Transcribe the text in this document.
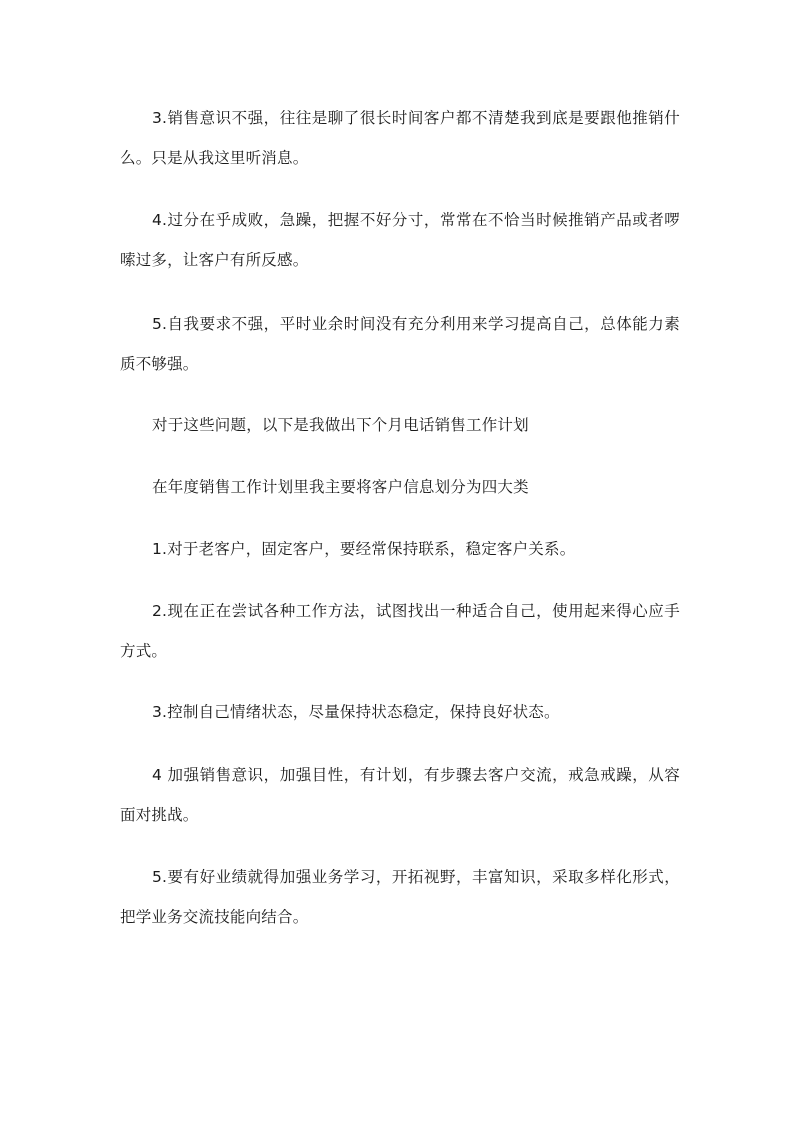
3.销售意识不强，往往是聊了很长时间客户都不清楚我到底是要跟他推销什么。只是从我这里听消息。

4.过分在乎成败，急躁，把握不好分寸，常常在不恰当时候推销产品或者啰嗦过多，让客户有所反感。

5.自我要求不强，平时业余时间没有充分利用来学习提高自己，总体能力素质不够强。

对于这些问题，以下是我做出下个月电话销售工作计划

在年度销售工作计划里我主要将客户信息划分为四大类

1.对于老客户，固定客户，要经常保持联系，稳定客户关系。

2.现在正在尝试各种工作方法，试图找出一种适合自己，使用起来得心应手方式。

3.控制自己情绪状态，尽量保持状态稳定，保持良好状态。

4 加强销售意识，加强目性，有计划，有步骤去客户交流，戒急戒躁，从容面对挑战。

5.要有好业绩就得加强业务学习，开拓视野，丰富知识，采取多样化形式，把学业务交流技能向结合。
